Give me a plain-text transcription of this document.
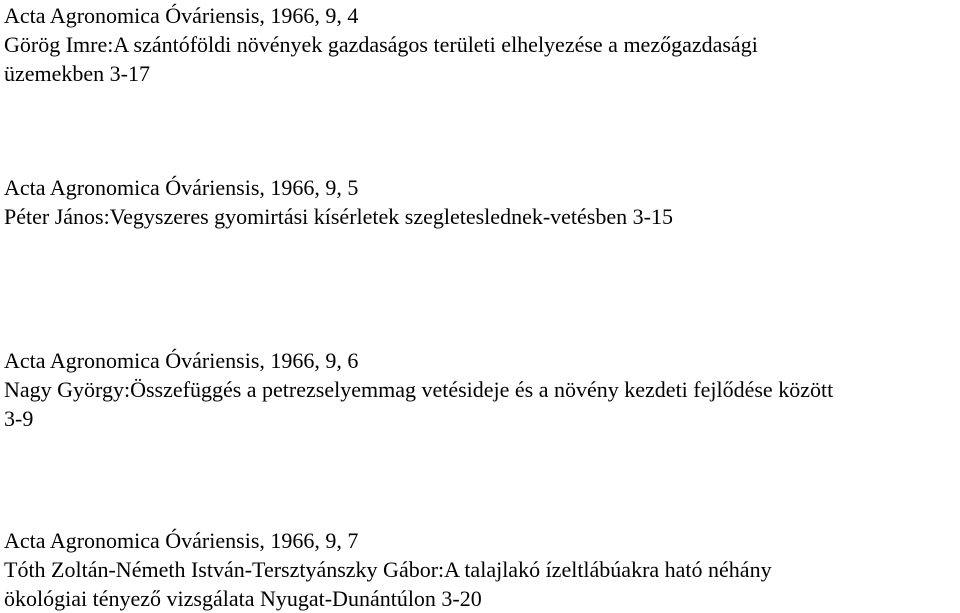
Acta Agronomica Óváriensis, 1966, 9, 4
Görög Imre:A szántóföldi növények gazdaságos területi elhelyezése a mezőgazdasági
üzemekben 3-17
Acta Agronomica Óváriensis, 1966, 9, 5
Péter János:Vegyszeres gyomirtási kísérletek szegleteslednek-vetésben 3-15
Acta Agronomica Óváriensis, 1966, 9, 6
Nagy György:Összefüggés a petrezselyemmag vetésideje és a növény kezdeti fejlődése között
3-9
Acta Agronomica Óváriensis, 1966, 9, 7
Tóth Zoltán-Németh István-Tersztyánszky Gábor:A talajlakó ízeltlábúakra ható néhány
ökológiai tényező vizsgálata Nyugat-Dunántúlon 3-20
